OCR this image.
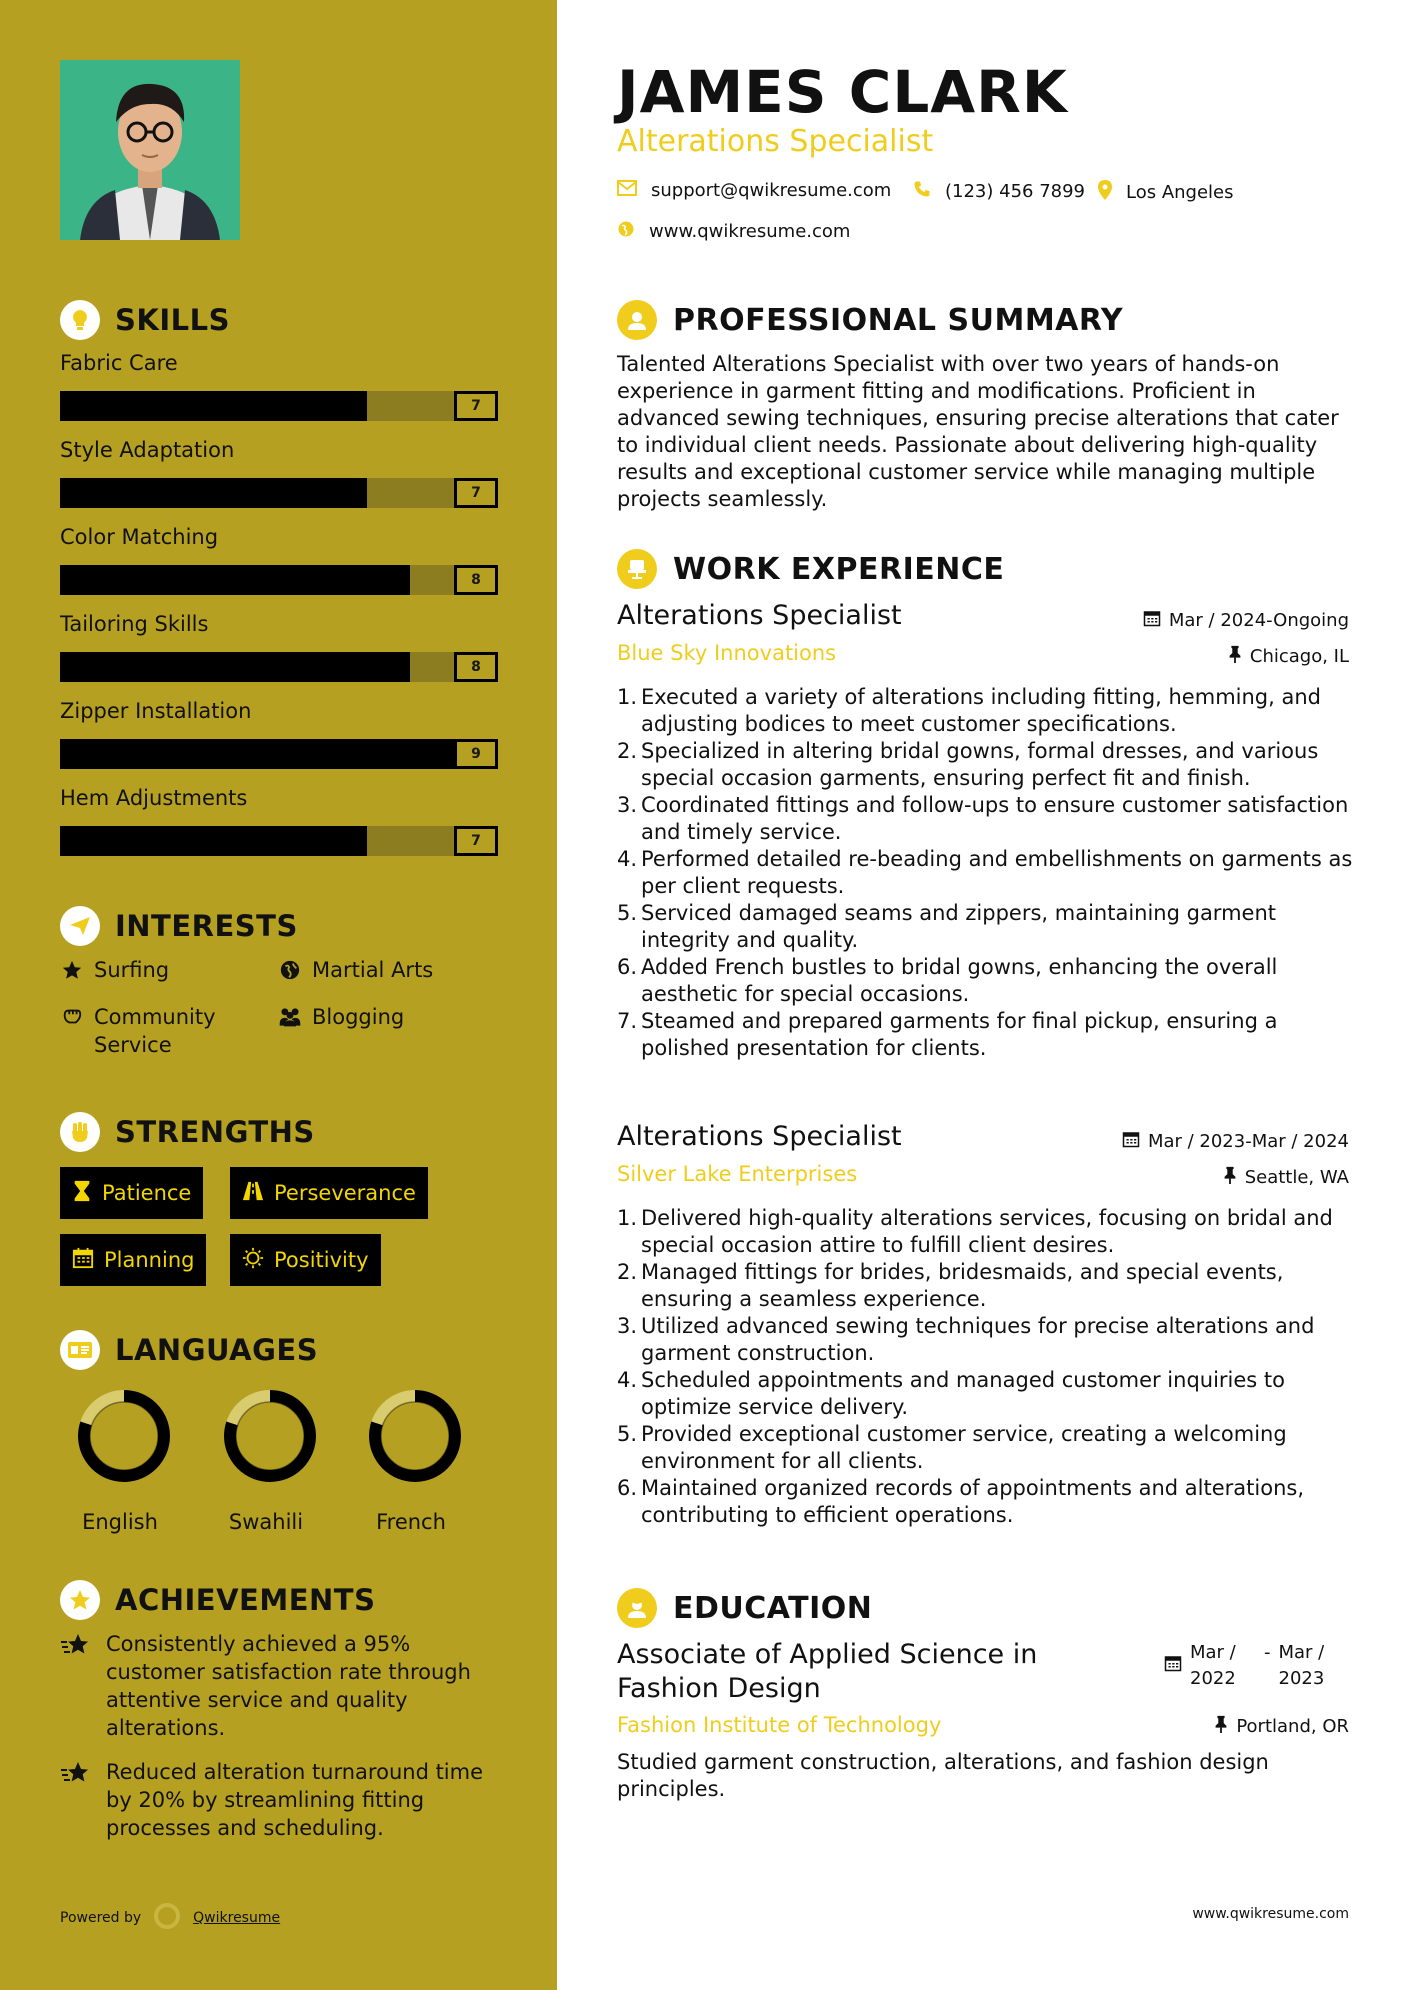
SKILLS
Fabric Care
7
Style Adaptation
7
Color Matching
8
Tailoring Skills
8
Zipper Installation
9
Hem Adjustments
7
INTERESTS
Surfing	Martial Arts
Community Service
Blogging
STRENGTHS
Patience	Perseverance
Planning	Positivity
LANGUAGES
English	Swahili	French
ACHIEVEMENTS
Consistently achieved a 95% customer satisfaction rate through attentive service and quality alterations.
Reduced alteration turnaround time by 20% by streamlining fitting processes and scheduling.
Powered by	Qwikresume
JAMES CLARK
Alterations Specialist
support@qwikresume.com	(123) 456 7899 Los Angeles
www.qwikresume.com
PROFESSIONAL SUMMARY
Talented Alterations Specialist with over two years of hands-on experience in garment fitting and modifications. Proficient in advanced sewing techniques, ensuring precise alterations that cater to individual client needs. Passionate about delivering high-quality results and exceptional customer service while managing multiple projects seamlessly.
WORK EXPERIENCE
Alterations Specialist	Mar / 2024-Ongoing
Blue Sky Innovations	Chicago, IL
1. Executed a variety of alterations including fitting, hemming, and adjusting bodices to meet customer specifications.
2. Specialized in altering bridal gowns, formal dresses, and various special occasion garments, ensuring perfect fit and finish.
3. Coordinated fittings and follow-ups to ensure customer satisfaction and timely service.
4. Performed detailed re-beading and embellishments on garments as per client requests.
5. Serviced damaged seams and zippers, maintaining garment integrity and quality.
6. Added French bustles to bridal gowns, enhancing the overall aesthetic for special occasions.
7. Steamed and prepared garments for final pickup, ensuring a polished presentation for clients.
Alterations Specialist	Mar / 2023-Mar / 2024
Silver Lake Enterprises	Seattle, WA
1. Delivered high-quality alterations services, focusing on bridal and special occasion attire to fulfill client desires.
2. Managed fittings for brides, bridesmaids, and special events, ensuring a seamless experience.
3. Utilized advanced sewing techniques for precise alterations and garment construction.
4. Scheduled appointments and managed customer inquiries to optimize service delivery.
5. Provided exceptional customer service, creating a welcoming environment for all clients.
6. Maintained organized records of appointments and alterations, contributing to efficient operations.
EDUCATION
Associate of Applied Science in Fashion Design
Mar / 2022
- Mar / 2023
Fashion Institute of Technology	Portland, OR
Studied garment construction, alterations, and fashion design principles.
www.qwikresume.com
